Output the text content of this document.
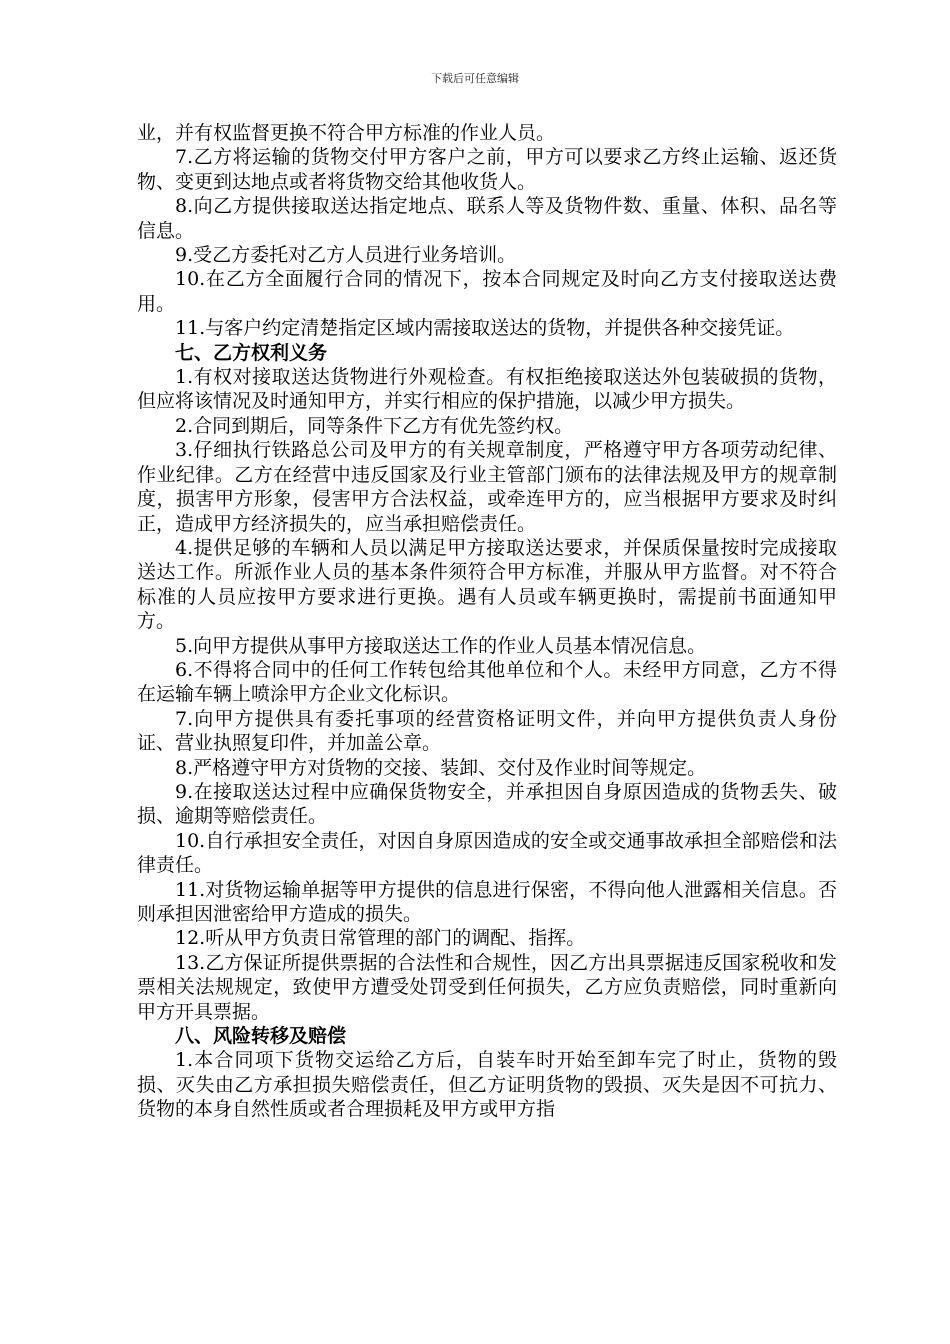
下载后可任意编辑

业，并有权监督更换不符合甲方标准的作业人员。

7.乙方将运输的货物交付甲方客户之前，甲方可以要求乙方终止运输、返还货物、变更到达地点或者将货物交给其他收货人。

8.向乙方提供接取送达指定地点、联系人等及货物件数、重量、体积、品名等信息。

9.受乙方委托对乙方人员进行业务培训。

10.在乙方全面履行合同的情况下，按本合同规定及时向乙方支付接取送达费用。

11.与客户约定清楚指定区域内需接取送达的货物，并提供各种交接凭证。

七、乙方权利义务

1.有权对接取送达货物进行外观检查。有权拒绝接取送达外包装破损的货物，但应将该情况及时通知甲方，并实行相应的保护措施，以减少甲方损失。

2.合同到期后，同等条件下乙方有优先签约权。

3.仔细执行铁路总公司及甲方的有关规章制度，严格遵守甲方各项劳动纪律、作业纪律。乙方在经营中违反国家及行业主管部门颁布的法律法规及甲方的规章制度，损害甲方形象，侵害甲方合法权益，或牵连甲方的，应当根据甲方要求及时纠正，造成甲方经济损失的，应当承担赔偿责任。

4.提供足够的车辆和人员以满足甲方接取送达要求，并保质保量按时完成接取送达工作。所派作业人员的基本条件须符合甲方标准，并服从甲方监督。对不符合标准的人员应按甲方要求进行更换。遇有人员或车辆更换时，需提前书面通知甲方。

5.向甲方提供从事甲方接取送达工作的作业人员基本情况信息。

6.不得将合同中的任何工作转包给其他单位和个人。未经甲方同意，乙方不得在运输车辆上喷涂甲方企业文化标识。

7.向甲方提供具有委托事项的经营资格证明文件，并向甲方提供负责人身份证、营业执照复印件，并加盖公章。

8.严格遵守甲方对货物的交接、装卸、交付及作业时间等规定。

9.在接取送达过程中应确保货物安全，并承担因自身原因造成的货物丢失、破损、逾期等赔偿责任。

10.自行承担安全责任，对因自身原因造成的安全或交通事故承担全部赔偿和法律责任。

11.对货物运输单据等甲方提供的信息进行保密，不得向他人泄露相关信息。否则承担因泄密给甲方造成的损失。

12.听从甲方负责日常管理的部门的调配、指挥。

13.乙方保证所提供票据的合法性和合规性，因乙方出具票据违反国家税收和发票相关法规规定，致使甲方遭受处罚受到任何损失，乙方应负责赔偿，同时重新向甲方开具票据。

八、风险转移及赔偿

1.本合同项下货物交运给乙方后，自装车时开始至卸车完了时止，货物的毁损、灭失由乙方承担损失赔偿责任，但乙方证明货物的毁损、灭失是因不可抗力、货物的本身自然性质或者合理损耗及甲方或甲方指
